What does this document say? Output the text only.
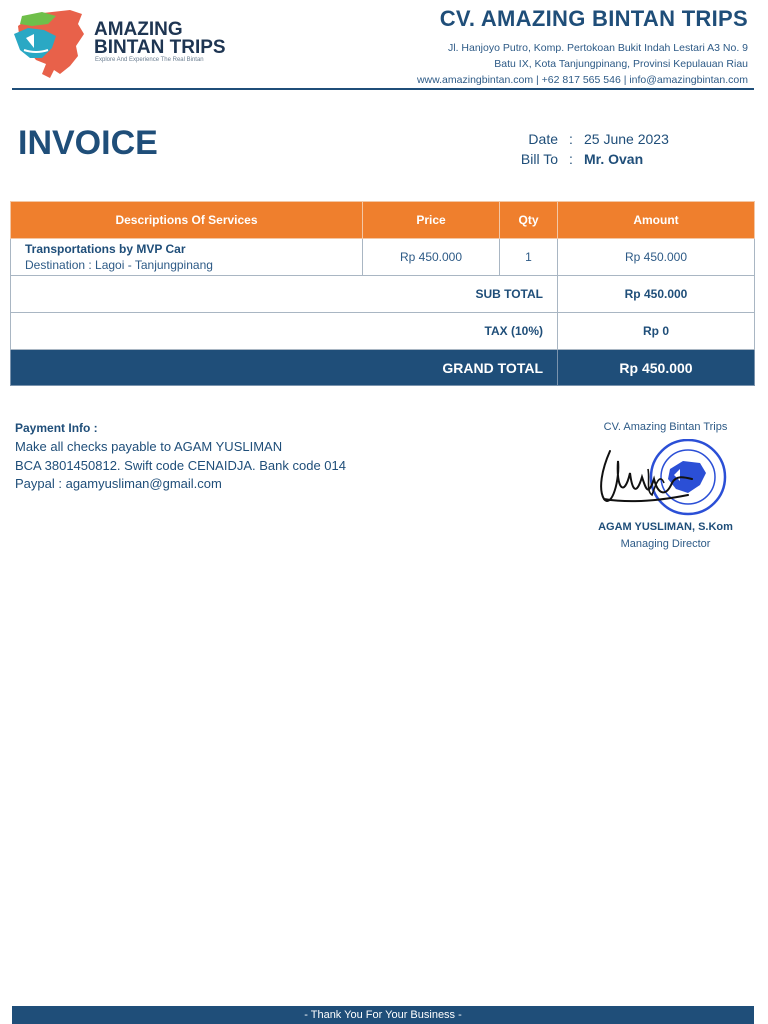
AMAZING
BINTAN TRIPS
Explore And Experience The Real Bintan
CV. AMAZING BINTAN TRIPS
Jl. Hanjoyo Putro, Komp. Pertokoan Bukit Indah Lestari A3 No. 9
Batu IX, Kota Tanjungpinang, Provinsi Kepulauan Riau
www.amazingbintan.com | +62 817 565 546 | info@amazingbintan.com
INVOICE	Date : 25 June 2023
Bill To : Mr. Ovan
Descriptions Of Services	Price	Qty	Amount

Transportations by MVP Car
Destination : Lagoi - Tanjungpinang	Rp 450.000	1	Rp 450.000
SUB TOTAL			Rp 450.000
TAX (10%)			Rp 0
GRAND TOTAL			Rp 450.000
Payment Info :
Make all checks payable to AGAM YUSLIMAN
BCA 3801450812. Swift code CENAIDJA. Bank code 014
Paypal : agamyusliman@gmail.com
CV. Amazing Bintan Trips
AGAM YUSLIMAN, S.Kom
Managing Director
- Thank You For Your Business -
